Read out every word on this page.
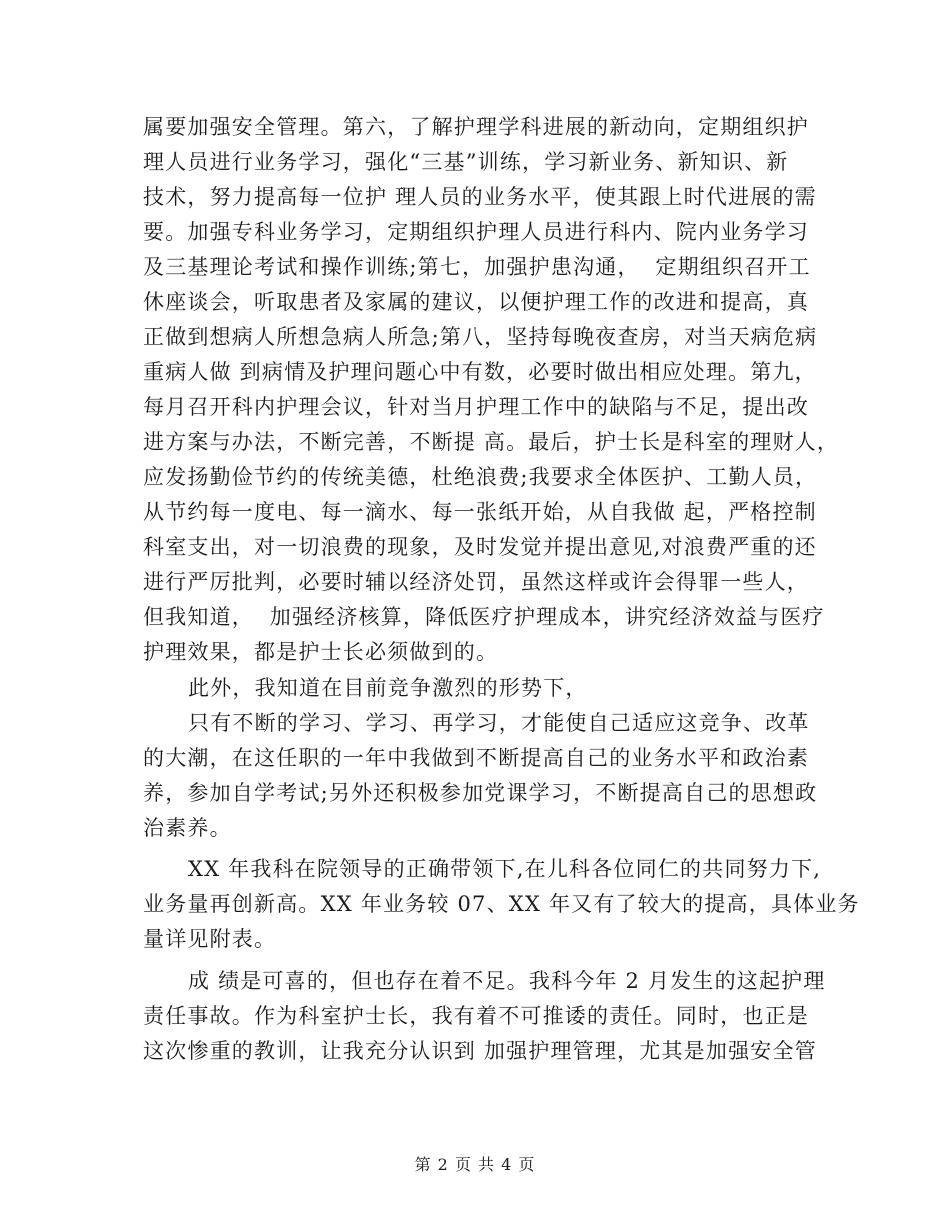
属要加强安全管理。第六，了解护理学科进展的新动向，定期组织护
理人员进行业务学习，强化“三基”训练，学习新业务、新知识、新
技术，努力提高每一位护 理人员的业务水平，使其跟上时代进展的需
要。加强专科业务学习，定期组织护理人员进行科内、院内业务学习
及三基理论考试和操作训练;第七，加强护患沟通，  定期组织召开工
休座谈会，听取患者及家属的建议，以便护理工作的改进和提高，真
正做到想病人所想急病人所急;第八，坚持每晚夜查房，对当天病危病
重病人做 到病情及护理问题心中有数，必要时做出相应处理。第九，
每月召开科内护理会议，针对当月护理工作中的缺陷与不足，提出改
进方案与办法，不断完善，不断提 高。最后，护士长是科室的理财人，
应发扬勤俭节约的传统美德，杜绝浪费;我要求全体医护、工勤人员，
从节约每一度电、每一滴水、每一张纸开始，从自我做 起，严格控制
科室支出，对一切浪费的现象，及时发觉并提出意见,对浪费严重的还
进行严厉批判，必要时辅以经济处罚，虽然这样或许会得罪一些人，
但我知道，  加强经济核算，降低医疗护理成本，讲究经济效益与医疗
护理效果，都是护士长必须做到的。
此外，我知道在目前竞争激烈的形势下，
只有不断的学习、学习、再学习，才能使自己适应这竞争、改革
的大潮，在这任职的一年中我做到不断提高自己的业务水平和政治素
养，参加自学考试;另外还积极参加党课学习，不断提高自己的思想政
治素养。
XX 年我科在院领导的正确带领下,在儿科各位同仁的共同努力下,
业务量再创新高。XX 年业务较 07、XX 年又有了较大的提高，具体业务
量详见附表。
成 绩是可喜的，但也存在着不足。我科今年 2 月发生的这起护理
责任事故。作为科室护士长，我有着不可推诿的责任。同时，也正是
这次惨重的教训，让我充分认识到 加强护理管理，尤其是加强安全管
第 2 页 共 4 页
